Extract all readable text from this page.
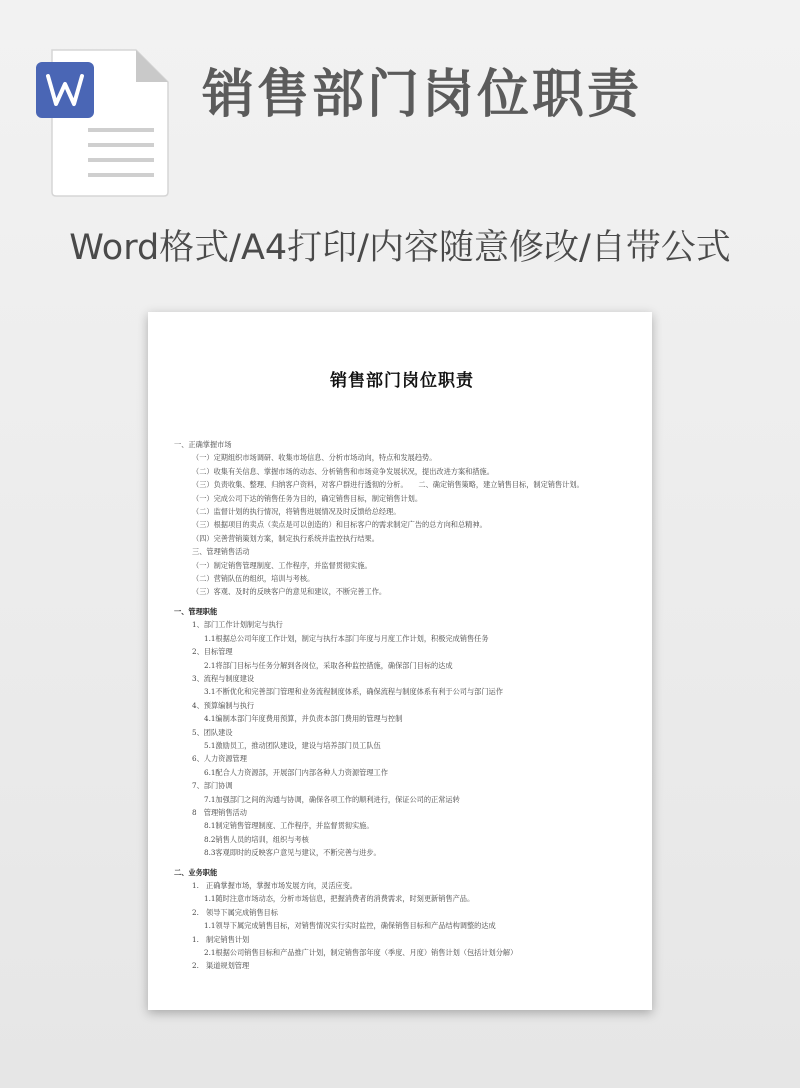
销售部门岗位职责
Word格式/A4打印/内容随意修改/自带公式
销售部门岗位职责
一、正确掌握市场
（一）定期组织市场调研、收集市场信息、分析市场动向，特点和发展趋势。
（二）收集有关信息、掌握市场的动态、分析销售和市场竞争发展状况，提出改进方案和措施。
（三）负责收集、整理、归纳客户资料，对客户群进行透彻的分析。　　二、确定销售策略，建立销售目标，制定销售计划。
（一）完成公司下达的销售任务为目的，确定销售目标，制定销售计划。
（二）监督计划的执行情况，将销售进展情况及时反馈给总经理。
（三）根据项目的卖点（卖点是可以创造的）和目标客户的需求制定广告的总方向和总精神。
（四）完善营销策划方案，制定执行系统并监控执行结果。
三、管理销售活动
（一）制定销售管理制度、工作程序，并监督贯彻实施。
（二）营销队伍的组织，培训与考核。
（三）客观、及时的反映客户的意见和建议，不断完善工作。
一、管理职能
1、部门工作计划制定与执行
1.1根据总公司年度工作计划，制定与执行本部门年度与月度工作计划，积极完成销售任务
2、目标管理
2.1将部门目标与任务分解到各岗位，采取各种监控措施，确保部门目标的达成
3、流程与制度建设
3.1不断优化和完善部门管理和业务流程制度体系，确保流程与制度体系有利于公司与部门运作
4、预算编制与执行
4.1编制本部门年度费用预算，并负责本部门费用的管理与控制
5、团队建设
5.1激励员工，推动团队建设，建设与培养部门员工队伍
6、人力资源管理
6.1配合人力资源部，开展部门内部各种人力资源管理工作
7、部门协调
7.1加强部门之间的沟通与协调，确保各项工作的顺利进行，保证公司的正常运转
8　管理销售活动
8.1制定销售管理制度、工作程序，并监督贯彻实施。
8.2销售人员的培训，组织与考核
8.3客观即时的反映客户意见与建议，不断完善与进步。
二、业务职能
1.　正确掌握市场，掌握市场发展方向，灵活应变。
1.1随时注意市场动态，分析市场信息，把握消费者的消费需求，时刻更新销售产品。
2.　领导下属完成销售目标
1.1领导下属完成销售目标，对销售情况实行实时监控，确保销售目标和产品结构调整的达成
1.　制定销售计划
2.1根据公司销售目标和产品推广计划，制定销售部年度（季度、月度）销售计划（包括计划分解）
2.　渠道规划管理
